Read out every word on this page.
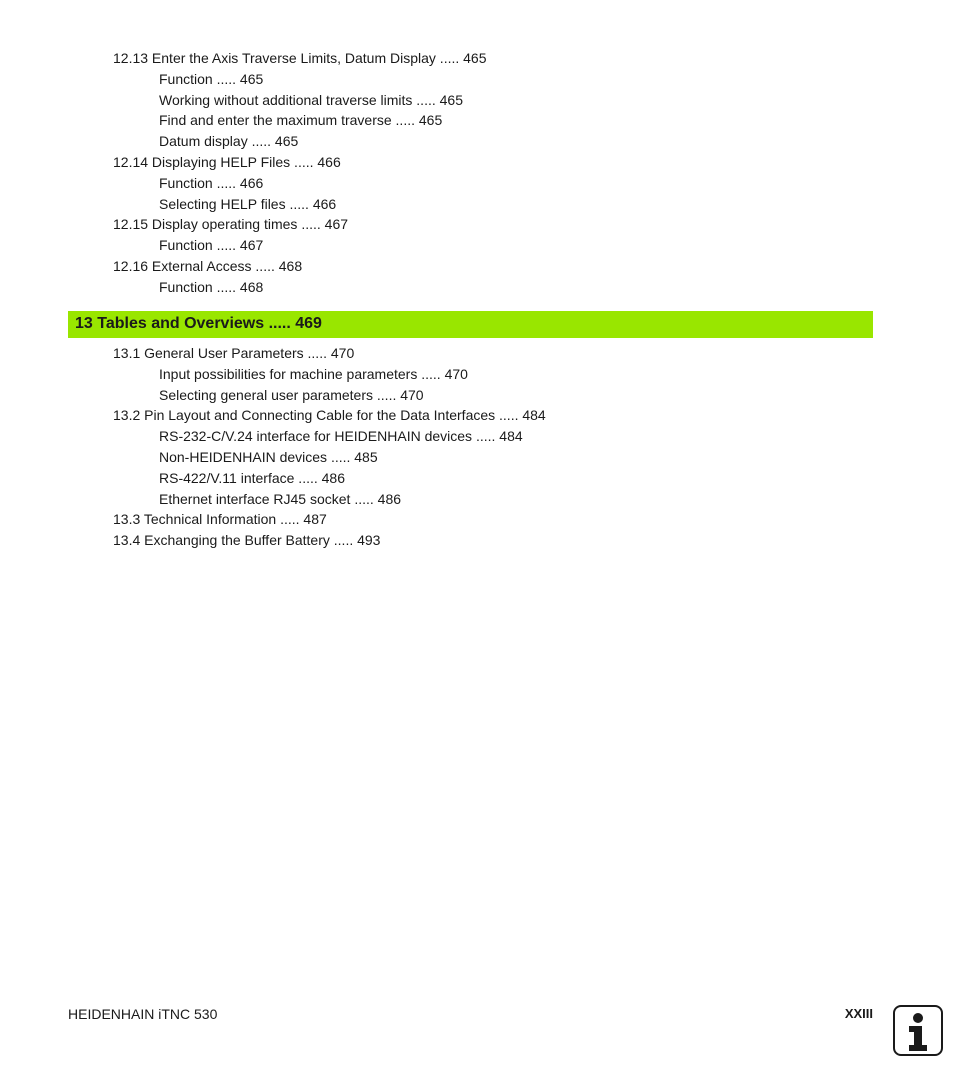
12.13 Enter the Axis Traverse Limits, Datum Display ..... 465
Function ..... 465
Working without additional traverse limits ..... 465
Find and enter the maximum traverse ..... 465
Datum display ..... 465
12.14 Displaying HELP Files ..... 466
Function ..... 466
Selecting HELP files ..... 466
12.15 Display operating times ..... 467
Function ..... 467
12.16 External Access ..... 468
Function ..... 468
13 Tables and Overviews ..... 469
13.1 General User Parameters ..... 470
Input possibilities for machine parameters ..... 470
Selecting general user parameters ..... 470
13.2 Pin Layout and Connecting Cable for the Data Interfaces ..... 484
RS-232-C/V.24 interface for HEIDENHAIN devices ..... 484
Non-HEIDENHAIN devices ..... 485
RS-422/V.11 interface ..... 486
Ethernet interface RJ45 socket ..... 486
13.3 Technical Information ..... 487
13.4 Exchanging the Buffer Battery ..... 493
HEIDENHAIN iTNC 530	XXIII
